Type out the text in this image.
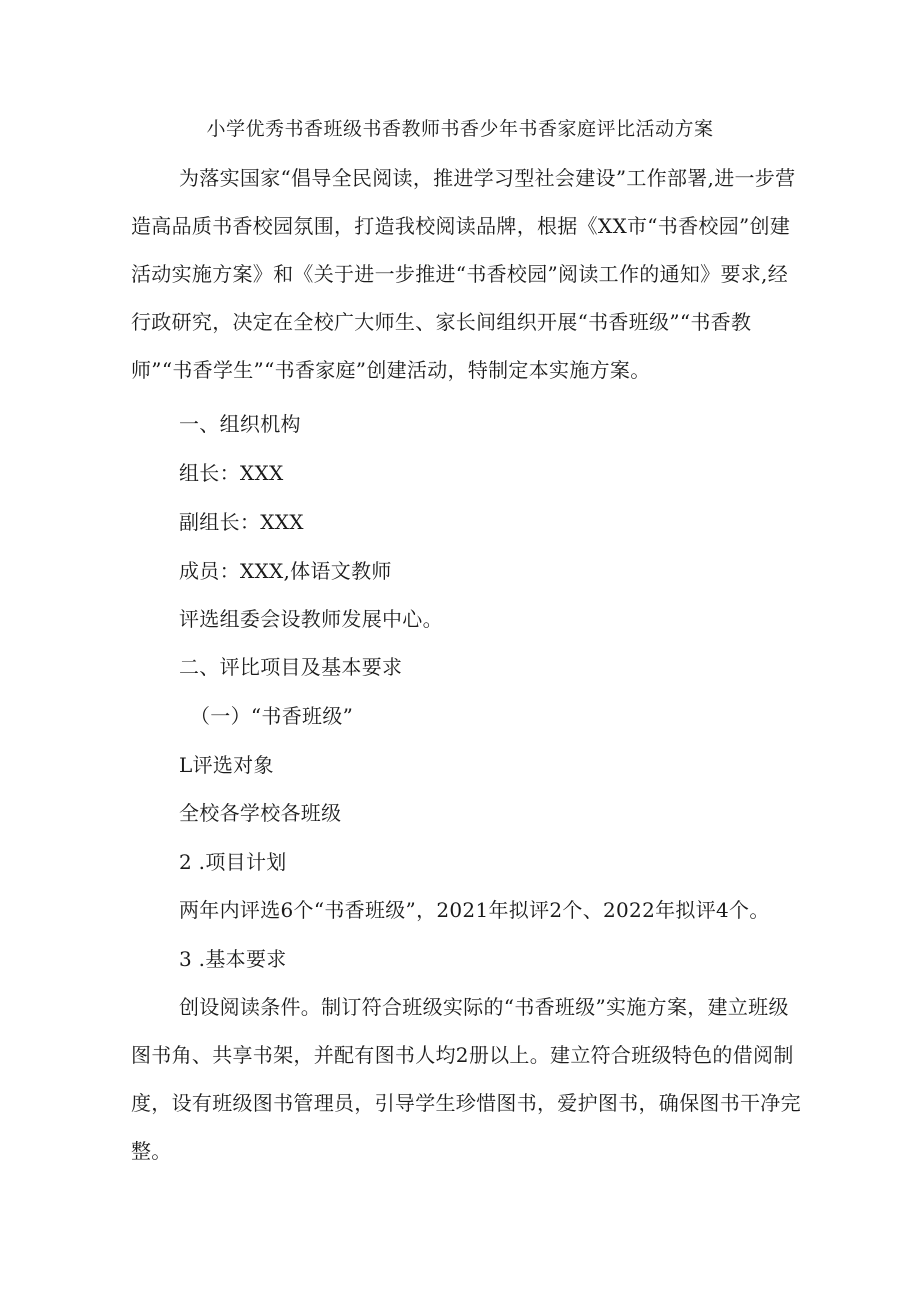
小学优秀书香班级书香教师书香少年书香家庭评比活动方案

为落实国家“倡导全民阅读，推进学习型社会建设”工作部署,进一步营造高品质书香校园氛围，打造我校阅读品牌，根据《XX市“书香校园”创建活动实施方案》和《关于进一步推进“书香校园”阅读工作的通知》要求,经行政研究，决定在全校广大师生、家长间组织开展“书香班级”“书香教师”“书香学生”“书香家庭”创建活动，特制定本实施方案。

一、组织机构
组长：XXX
副组长：XXX
成员：XXX,体语文教师
评选组委会设教师发展中心。
二、评比项目及基本要求
（一）“书香班级”
L评选对象
全校各学校各班级
2 .项目计划
两年内评选6个“书香班级”，2021年拟评2个、2022年拟评4个。
3 .基本要求

创设阅读条件。制订符合班级实际的“书香班级”实施方案，建立班级图书角、共享书架，并配有图书人均2册以上。建立符合班级特色的借阅制度，设有班级图书管理员，引导学生珍惜图书，爱护图书，确保图书干净完整。
